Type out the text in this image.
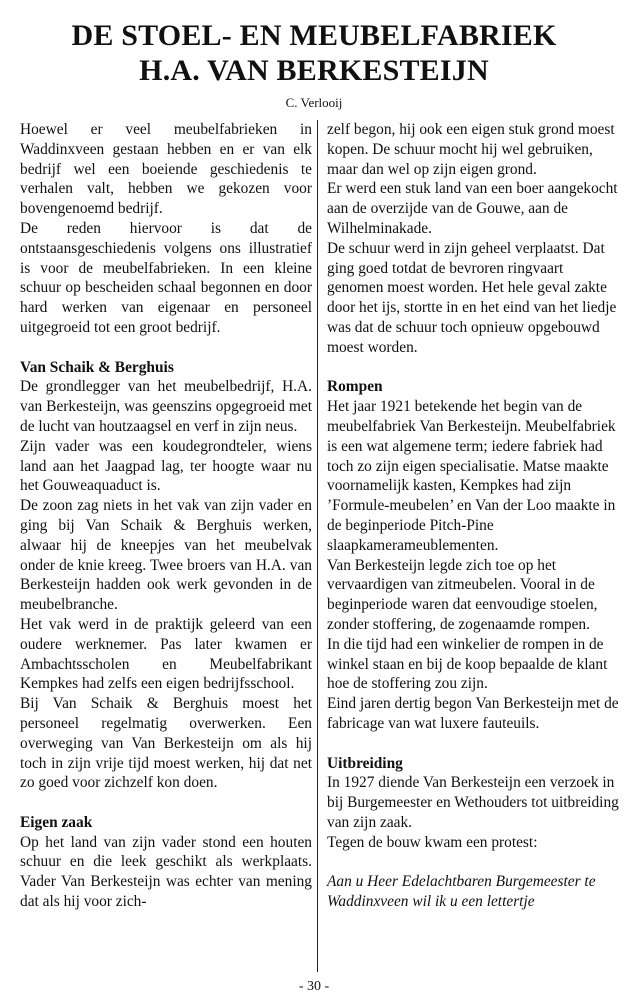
DE STOEL- EN MEUBELFABRIEK
H.A. VAN BERKESTEIJN
C. Verlooij

Hoewel er veel meubelfabrieken in Waddinxveen gestaan hebben en er van elk bedrijf wel een boeiende geschiedenis te verhalen valt, hebben we gekozen voor bovengenoemd bedrijf.

De reden hiervoor is dat de ontstaansgeschiedenis volgens ons illustratief is voor de meubelfabrieken. In een kleine schuur op bescheiden schaal begonnen en door hard werken van eigenaar en personeel uitgegroeid tot een groot bedrijf.

Van Schaik & Berghuis

De grondlegger van het meubelbedrijf, H.A. van Berkesteijn, was geenszins opgegroeid met de lucht van houtzaagsel en verf in zijn neus.

Zijn vader was een koudegrondteler, wiens land aan het Jaagpad lag, ter hoogte waar nu het Gouweaquaduct is.

De zoon zag niets in het vak van zijn vader en ging bij Van Schaik & Berghuis werken, alwaar hij de kneepjes van het meubelvak onder de knie kreeg. Twee broers van H.A. van Berkesteijn hadden ook werk gevonden in de meubelbranche.

Het vak werd in de praktijk geleerd van een oudere werknemer. Pas later kwamen er Ambachtsscholen en Meubelfabrikant Kempkes had zelfs een eigen bedrijfsschool.

Bij Van Schaik & Berghuis moest het personeel regelmatig overwerken. Een overweging van Van Berkesteijn om als hij toch in zijn vrije tijd moest werken, hij dat net zo goed voor zichzelf kon doen.

Eigen zaak

Op het land van zijn vader stond een houten schuur en die leek geschikt als werkplaats. Vader Van Berkesteijn was echter van mening dat als hij voor zich-

zelf begon, hij ook een eigen stuk grond moest kopen. De schuur mocht hij wel gebruiken, maar dan wel op zijn eigen grond.

Er werd een stuk land van een boer aangekocht aan de overzijde van de Gouwe, aan de Wilhelminakade.

De schuur werd in zijn geheel verplaatst. Dat ging goed totdat de bevroren ringvaart genomen moest worden. Het hele geval zakte door het ijs, stortte in en het eind van het liedje was dat de schuur toch opnieuw opgebouwd moest worden.

Rompen

Het jaar 1921 betekende het begin van de meubelfabriek Van Berkesteijn. Meubelfabriek is een wat algemene term; iedere fabriek had toch zo zijn eigen specialisatie. Matse maakte voornamelijk kasten, Kempkes had zijn ’Formule-meubelen’ en Van der Loo maakte in de beginperiode Pitch-Pine slaapkamerameublementen.

Van Berkesteijn legde zich toe op het vervaardigen van zitmeubelen. Vooral in de beginperiode waren dat eenvoudige stoelen, zonder stoffering, de zogenaamde rompen.

In die tijd had een winkelier de rompen in de winkel staan en bij de koop bepaalde de klant hoe de stoffering zou zijn.

Eind jaren dertig begon Van Berkesteijn met de fabricage van wat luxere fauteuils.

Uitbreiding

In 1927 diende Van Berkesteijn een verzoek in bij Burgemeester en Wethouders tot uitbreiding van zijn zaak.

Tegen de bouw kwam een protest:

Aan u Heer Edelachtbaren Burgemeester te Waddinxveen wil ik u een lettertje

- 30 -
